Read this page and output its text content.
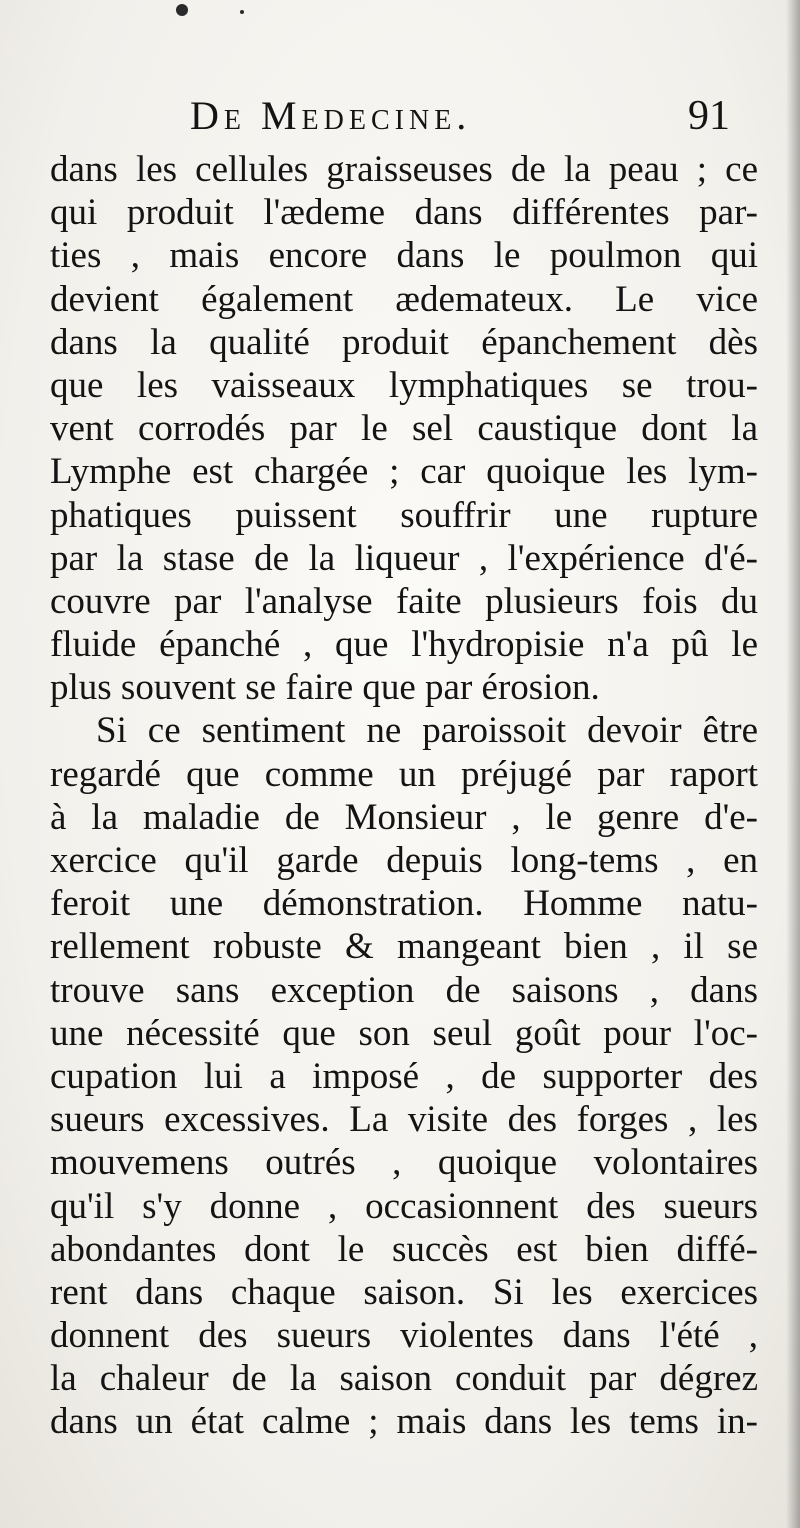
De Medecine.	91
dans les cellules graisseuses de la peau ; ce
qui produit l'ædeme dans différentes par-
ties , mais encore dans le poulmon qui
devient également ædemateux. Le vice
dans la qualité produit épanchement dès
que les vaisseaux lymphatiques se trou-
vent corrodés par le sel caustique dont la
Lymphe est chargée ; car quoique les lym-
phatiques puissent souffrir une rupture
par la stase de la liqueur , l'expérience d'é-
couvre par l'analyse faite plusieurs fois du
fluide épanché , que l'hydropisie n'a pû le
plus souvent se faire que par érosion.
Si ce sentiment ne paroissoit devoir être
regardé que comme un préjugé par raport
à la maladie de Monsieur , le genre d'e-
xercice qu'il garde depuis long-tems , en
feroit une démonstration. Homme natu-
rellement robuste & mangeant bien , il se
trouve sans exception de saisons , dans
une nécessité que son seul goût pour l'oc-
cupation lui a imposé , de supporter des
sueurs excessives. La visite des forges , les
mouvemens outrés , quoique volontaires
qu'il s'y donne , occasionnent des sueurs
abondantes dont le succès est bien diffé-
rent dans chaque saison. Si les exercices
donnent des sueurs violentes dans l'été ,
la chaleur de la saison conduit par dégrez
dans un état calme ; mais dans les tems in-
